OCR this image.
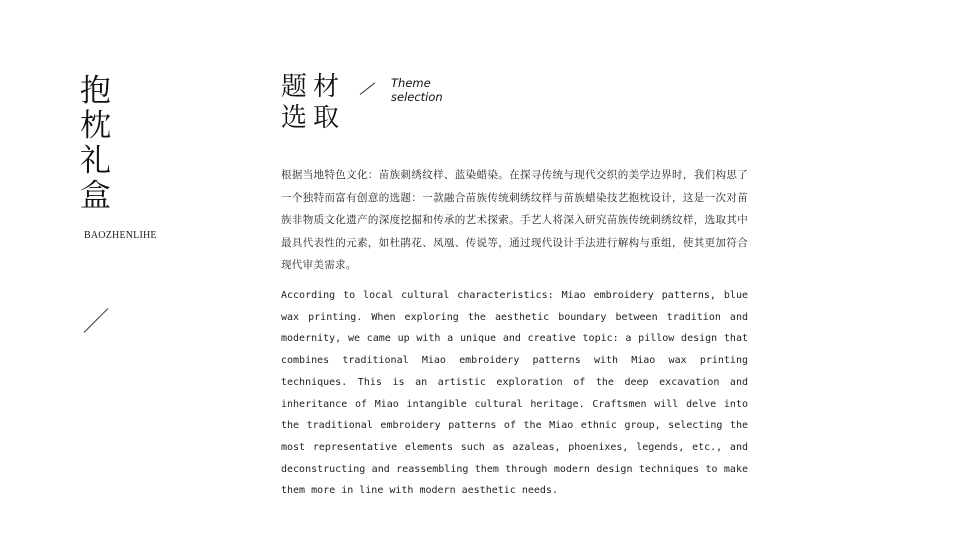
抱枕礼盒
BAOZHENLIHE
题材
选取
Theme
selection

根据当地特色文化：苗族刺绣纹样、蓝染蜡染。在探寻传统与现代交织的美学边界时，我们构思了一个独特而富有创意的选题：一款融合苗族传统刺绣纹样与苗族蜡染技艺抱枕设计，这是一次对苗族非物质文化遗产的深度挖掘和传承的艺术探索。手艺人将深入研究苗族传统刺绣纹样，选取其中最具代表性的元素，如杜鹃花、凤凰、传说等，通过现代设计手法进行解构与重组，使其更加符合现代审美需求。

According to local cultural characteristics: Miao embroidery patterns, blue wax printing. When exploring the aesthetic boundary between tradition and modernity, we came up with a unique and creative topic: a pillow design that combines traditional Miao embroidery patterns with Miao wax printing techniques. This is an artistic exploration of the deep excavation and inheritance of Miao intangible cultural heritage. Craftsmen will delve into the traditional embroidery patterns of the Miao ethnic group, selecting the most representative elements such as azaleas, phoenixes, legends, etc., and deconstructing and reassembling them through modern design techniques to make them more in line with modern aesthetic needs.
